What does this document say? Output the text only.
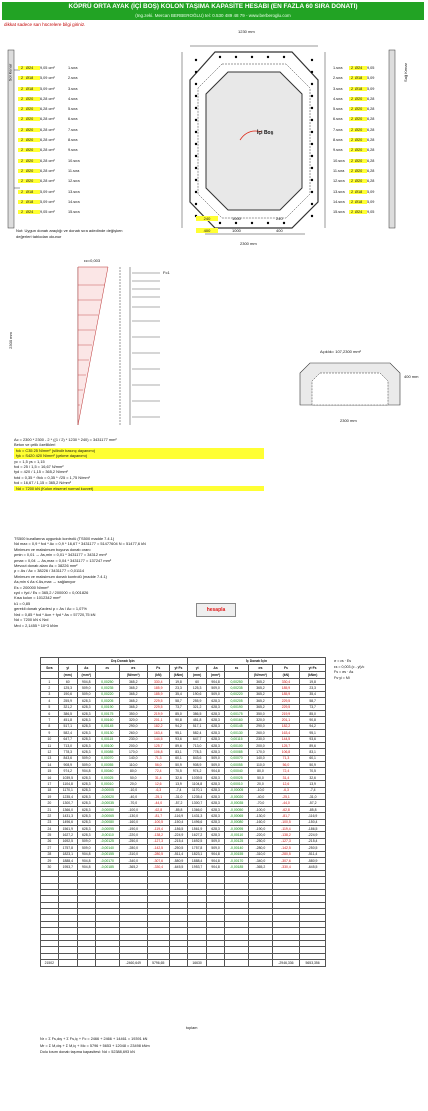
KÖPRÜ ORTA AYAK (İÇİ BOŞ) KOLON TAŞIMA KAPASİTE HESABI (EN FAZLA 60 SIRA DONATI)
(Ing.zeki. Mercan BERBEROĞLU) tel: 0.530 489 48 79 - www.berberoglu.com
dikkat sadece sarı hücrelere bilgi giriniz.
1230 mm
İçi Boş
Sol Kenar	Sağ Kenar
2 Ø24 9,05 cm²	1.sıra
2 Ø18 5,09 cm²	2.sıra
2 Ø18 5,09 cm²	3.sıra
2 Ø20 6,28 cm²	4.sıra
2 Ø20 6,28 cm²	5.sıra
2 Ø20 6,28 cm²	6.sıra
2 Ø20 6,28 cm²	7.sıra
2 Ø20 6,28 cm²	8.sıra
2 Ø20 6,28 cm²	9.sıra
2 Ø20 6,28 cm²	10.sıra
2 Ø20 6,28 cm²	11.sıra
2 Ø20 6,28 cm²	12.sıra
2 Ø18 5,09 cm²	13.sıra
2 Ø18 5,09 cm²	14.sıra
2 Ø24 9,05 cm²	15.sıra
1.sıra 2 Ø24 9,05
2.sıra 2 Ø18 5,09
3.sıra 2 Ø18 5,09
4.sıra 2 Ø20 6,28
5.sıra 2 Ø20 6,28
6.sıra 2 Ø20 6,28
7.sıra 2 Ø20 6,28
8.sıra 2 Ø20 6,28
9.sıra 2 Ø20 6,28
10.sıra 2 Ø20 6,28
11.sıra 2 Ø20 6,28
12.sıra 2 Ø20 6,28
13.sıra 2 Ø18 5,09
14.sıra 2 Ø18 5,09
15.sıra 2 Ø24 9,05
240	1000	240
400	1000	400
2300 mm
Not: Uygun donatı araçlığı ve donatı sıra adedinde değişken
değerleri tablodan okunur
εc=0,003
2300 mm
Fc1
Açıklık= 107,2300 mm²
2300 mm
400 mm
Ac = 2300 * 2300 - 2 * ((1 / 2) * 1230 * 240) = 3431177 mm²
Beton ve çelik özellikleri
fck = C35 25 N/mm² (silindir basınç dayanımı)
fyk = S420 420 N/mm² (çekme dayanımı)
γc = 1,5 γs = 1,15
fcd = 25 / 1,5 = 16,67 N/mm²
fyd = 420 / 1,15 = 365,2 N/mm²
fctd = 0,35 * √fck = 0,35 * √25 = 1,75 N/mm²
fcd = 16,67 / 1,15 = 365,2 N/mm²
Nd = 7200 kN (Kolon eksenel normal kuvvet)
TS500 kurallarına uygunluk kontrolü (TS500 madde 7.4.1)
Nd max = 0,9 * fcd * Ac = 0,9 * 16,67 * 3431177 = 51477604 N = 51477,6 kN
Minimum ve maksimum boyuna donatı oranı
ρmin = 0,01 → As,min = 0,01 * 3431177 = 34312 mm²
ρmax = 0,04 → As,max = 0,04 * 3431177 = 137247 mm²
Mevcut donatı alanı As = 38226 mm²
ρ = As / Ac = 38226 / 3431177 = 0,01114
Minimum ve maksimum donatı kontrolü (madde 7.4.1)
As,min ≤ As ≤ As,max → sağlanıyor
Es = 200000 N/mm²
εyd = fyd / Es = 365,2 / 200000 = 0,001826
Kısa kolon = 1012342 mm²
k1 = 0,85
gerekli donatı yüzdesi ρ = As / Ac = 1,07%
Nrd = 0,85 * fcd * Acn + fyd * As = 57720,75 kN
Nd = 7200 kN ≤ Nrd
Mrd = 2,1455 * 10^3 kNm
hesapla
	Dış Donatı İçin						İç Donatı İçin					
Sıra	yi	As	εs	σs	Fs	yi·Fs	yi	As	εs	σs	Fs	yi·Fs
	(mm)	(mm²)		(N/mm²)	(kN)	(kNm)	(mm)	(mm²)		(N/mm²)	(kN)	(kNm)
1	60	904,8	0,00250	365,2	330,4	19,8	60	904,8	0,00250	365,2	330,4	19,8
2	125,3	509,0	0,00235	365,2	185,9	23,3	125,3	509,0	0,00235	365,2	185,9	23,3
3	190,6	509,0	0,00220	365,2	185,9	35,4	190,6	509,0	0,00220	365,2	185,9	35,4
4	255,9	628,3	0,00205	365,2	229,5	58,7	255,9	628,3	0,00205	365,2	229,5	58,7
5	321,2	628,3	0,00190	365,2	229,5	73,7	321,2	628,3	0,00190	365,2	229,5	73,7
6	386,5	628,3	0,00175	350,0	219,9	85,0	386,5	628,3	0,00175	350,0	219,9	85,0
7	451,8	628,3	0,00160	320,0	201,1	90,8	451,8	628,3	0,00160	320,0	201,1	90,8
8	517,1	628,3	0,00145	290,0	182,2	94,2	517,1	628,3	0,00145	290,0	182,2	94,2
9	582,4	628,3	0,00130	260,0	163,4	95,1	582,4	628,3	0,00130	260,0	163,4	95,1
10	647,7	628,3	0,00115	230,0	144,5	93,6	647,7	628,3	0,00115	230,0	144,5	93,6
11	713,0	628,3	0,00100	200,0	125,7	89,6	713,0	628,3	0,00100	200,0	125,7	89,6
12	778,3	628,3	0,00085	170,0	106,8	83,1	778,3	628,3	0,00085	170,0	106,8	83,1
13	843,6	509,0	0,00070	140,0	71,3	60,1	843,6	509,0	0,00070	140,0	71,3	60,1
14	908,9	509,0	0,00055	110,0	56,0	50,9	908,9	509,0	0,00055	110,0	56,0	50,9
15	974,2	904,8	0,00040	80,0	72,4	70,5	974,2	904,8	0,00040	80,0	72,4	70,5
16	1039,5	628,3	0,00025	50,0	31,4	32,6	1039,5	628,3	0,00025	50,0	31,4	32,6
17	1104,8	628,3	0,00010	20,0	12,6	13,9	1104,8	628,3	0,00010	20,0	12,6	13,9
18	1170,1	628,3	-0,00005	-10,0	-6,3	-7,4	1170,1	628,3	-0,00005	-10,0	-6,3	-7,4
19	1235,4	628,3	-0,00020	-40,0	-25,1	-31,0	1235,4	628,3	-0,00020	-40,0	-25,1	-31,0
20	1300,7	628,3	-0,00035	-70,0	-44,0	-57,2	1300,7	628,3	-0,00035	-70,0	-44,0	-57,2
21	1366,0	628,3	-0,00050	-100,0	-62,8	-85,8	1366,0	628,3	-0,00050	-100,0	-62,8	-85,8
22	1431,3	628,3	-0,00065	-130,0	-81,7	-116,9	1431,3	628,3	-0,00065	-130,0	-81,7	-116,9
23	1496,6	628,3	-0,00080	-160,0	-100,5	-150,4	1496,6	628,3	-0,00080	-160,0	-100,5	-150,4
24	1561,9	628,3	-0,00095	-190,0	-119,4	-186,5	1561,9	628,3	-0,00095	-190,0	-119,4	-186,5
25	1627,2	628,3	-0,00110	-220,0	-138,2	-224,9	1627,2	628,3	-0,00110	-220,0	-138,2	-224,9
26	1692,5	509,0	-0,00125	-250,0	-127,3	-215,4	1692,5	509,0	-0,00125	-250,0	-127,3	-215,4
27	1757,8	509,0	-0,00140	-280,0	-142,5	-250,5	1757,8	509,0	-0,00140	-280,0	-142,5	-250,5
28	1823,1	904,8	-0,00155	-310,0	-280,5	-511,4	1823,1	904,8	-0,00155	-310,0	-280,5	-511,4
29	1888,4	904,8	-0,00170	-340,0	-307,6	-580,9	1888,4	904,8	-0,00170	-340,0	-307,6	-580,9
30	1953,7	904,8	-0,00185	-365,2	-330,4	-645,5	1953,7	904,8	-0,00185	-365,2	-330,4	-645,5

21502				-2460,649	5796,65		16630				-2946,336	5653,356
σ = εs · Es
εs = 0,003 (c - yi)/c
Fs = σs · As
Fs·yi = Mi
Nr = Σ Fs,dış + Σ Fs,iç + Fc = 2466 + 2466 + 14461 = 19391 kN
Mr = Σ M,dış + Σ M,iç + Mc = 5796 + 5653 + 12048 = 23498 kNm
Dolu kısım donatı taşıma kapasitesi: Nd = 52388,693 kN
toplam
